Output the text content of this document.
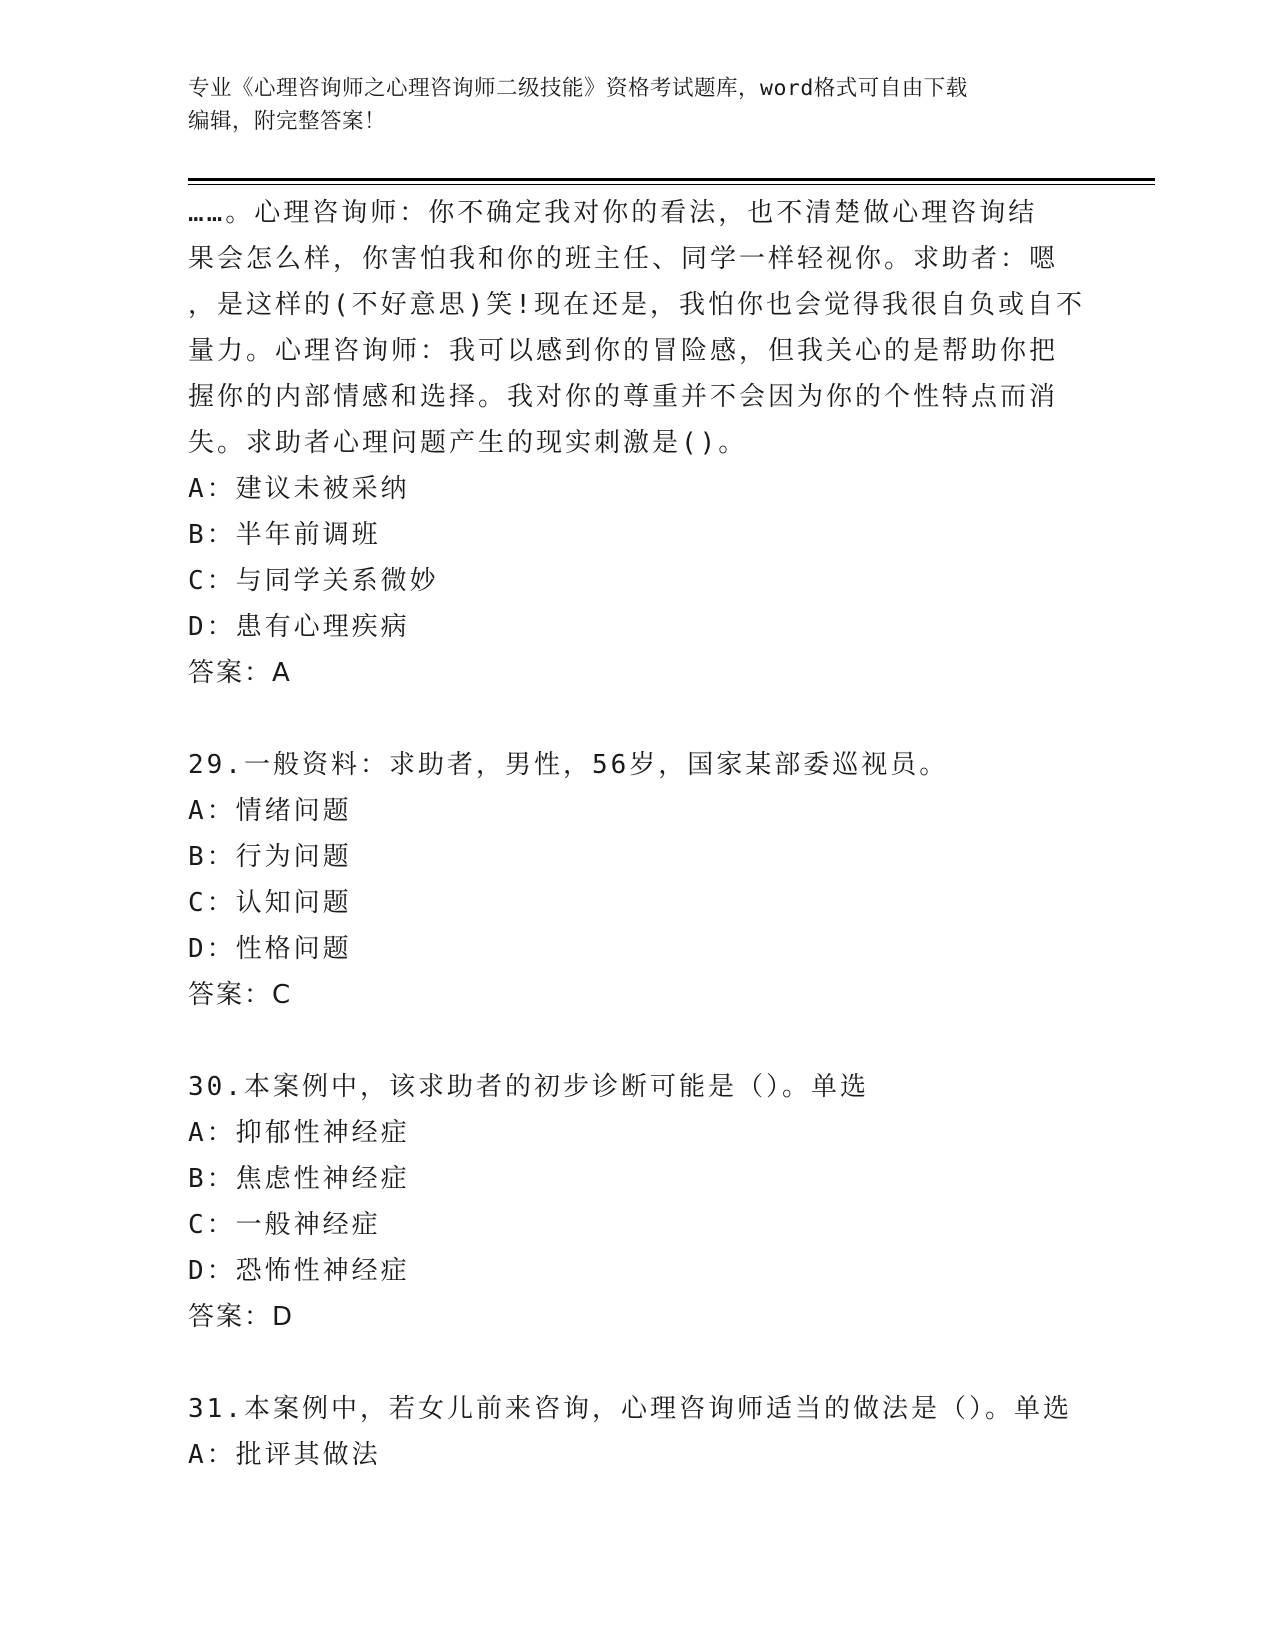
专业《心理咨询师之心理咨询师二级技能》资格考试题库，word格式可自由下载
编辑，附完整答案！
……。心理咨询师：你不确定我对你的看法，也不清楚做心理咨询结
果会怎么样，你害怕我和你的班主任、同学一样轻视你。求助者：嗯
，是这样的(不好意思)笑!现在还是，我怕你也会觉得我很自负或自不
量力。心理咨询师：我可以感到你的冒险感，但我关心的是帮助你把
握你的内部情感和选择。我对你的尊重并不会因为你的个性特点而消
失。求助者心理问题产生的现实刺激是()。
A：建议未被采纳
B：半年前调班
C：与同学关系微妙
D：患有心理疾病
答案：A
29.一般资料：求助者，男性，56岁，国家某部委巡视员。
A：情绪问题
B：行为问题
C：认知问题
D：性格问题
答案：C
30.本案例中，该求助者的初步诊断可能是（）。单选
A：抑郁性神经症
B：焦虑性神经症
C：一般神经症
D：恐怖性神经症
答案：D
31.本案例中，若女儿前来咨询，心理咨询师适当的做法是（）。单选
A：批评其做法
